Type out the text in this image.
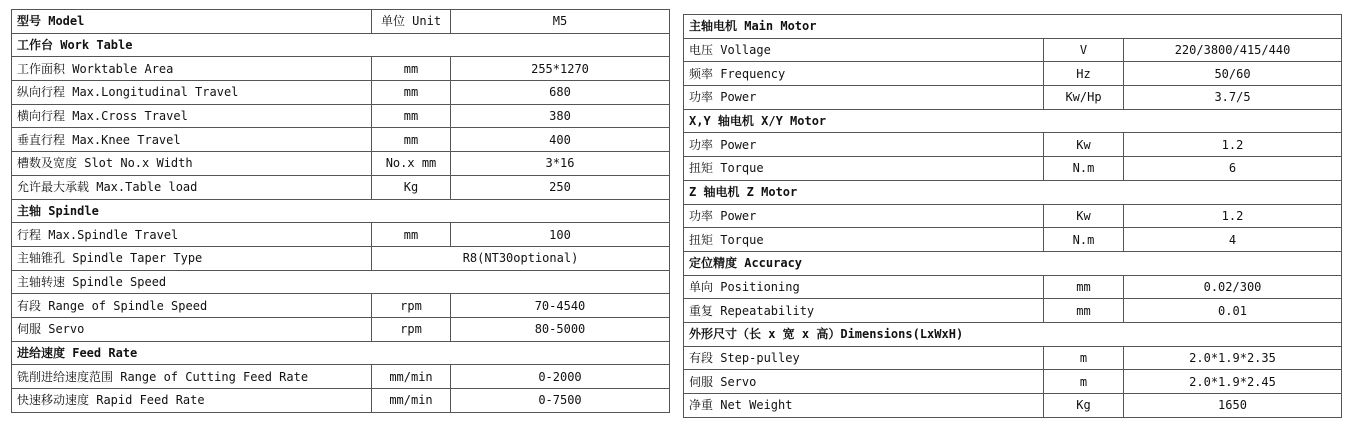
型号 Model	单位 Unit	M5
工作台 Work Table		
工作面积 Worktable Area	mm	255*1270
纵向行程 Max.Longitudinal Travel	mm	680
横向行程 Max.Cross Travel	mm	380
垂直行程 Max.Knee Travel	mm	400
槽数及宽度 Slot No.x Width	No.x mm	3*16
允许最大承载 Max.Table load	Kg	250
主轴 Spindle		
行程 Max.Spindle Travel	mm	100
主轴锥孔 Spindle Taper Type	R8(NT30optional)	
主轴转速 Spindle Speed		
有段 Range of Spindle Speed	rpm	70-4540
伺服 Servo	rpm	80-5000
进给速度 Feed Rate		
铣削进给速度范围 Range of Cutting Feed Rate	mm/min	0-2000
快速移动速度 Rapid Feed Rate	mm/min	0-7500
主轴电机 Main Motor		
电压 Vollage	V	220/3800/415/440
频率 Frequency	Hz	50/60
功率 Power	Kw/Hp	3.7/5
X,Y 轴电机 X/Y Motor		
功率 Power	Kw	1.2
扭矩 Torque	N.m	6
Z 轴电机 Z Motor		
功率 Power	Kw	1.2
扭矩 Torque	N.m	4
定位精度 Accuracy		
单向 Positioning	mm	0.02/300
重复 Repeatability	mm	0.01
外形尺寸（长 x 宽 x 高）Dimensions(LxWxH)		
有段 Step-pulley	m	2.0*1.9*2.35
伺服 Servo	m	2.0*1.9*2.45
净重 Net Weight	Kg	1650
